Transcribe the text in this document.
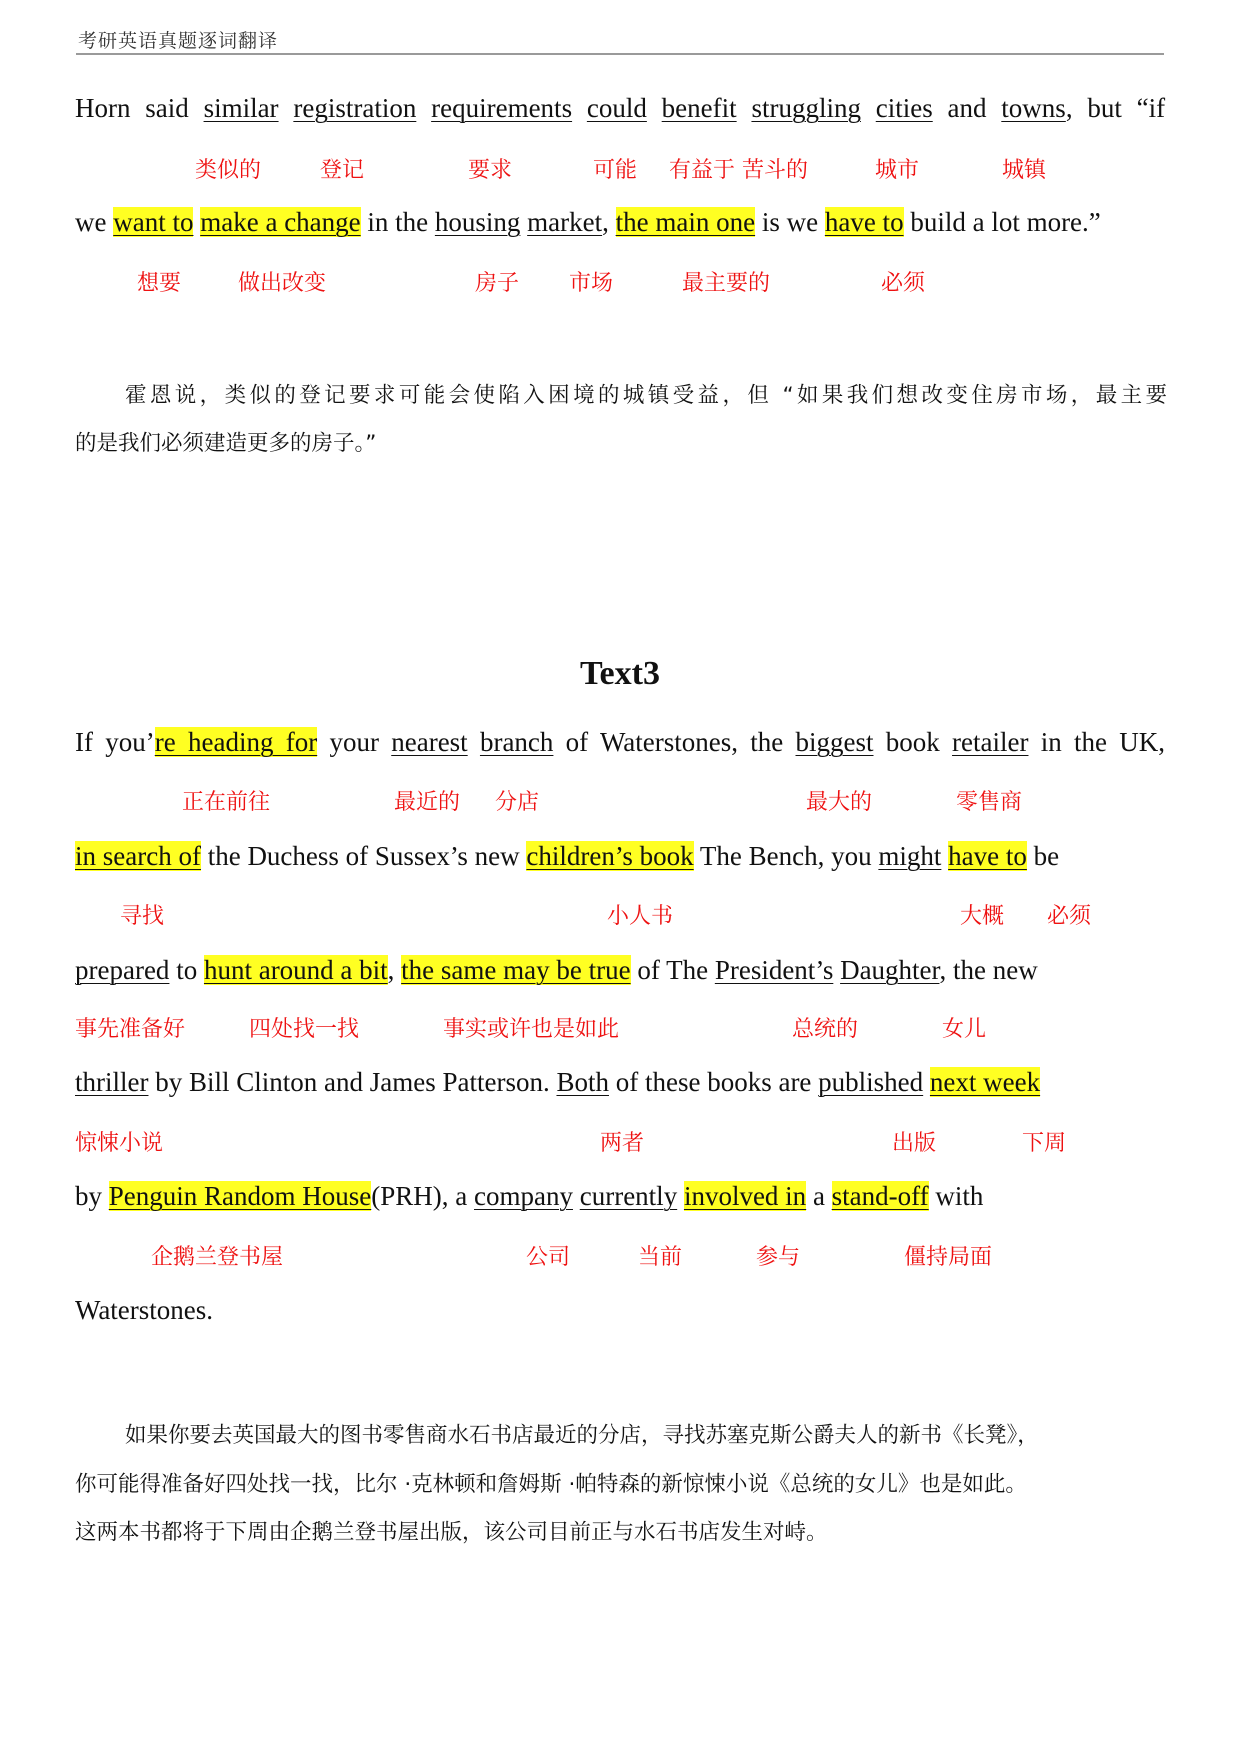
考研英语真题逐词翻译
Horn said similar registration requirements could benefit struggling cities and towns, but “if
we want to make a change in the housing market, the main one is we have to build a lot more.”
霍恩说，类似的登记要求可能会使陷入困境的城镇受益，但 “如果我们想改变住房市场，最主要
的是我们必须建造更多的房子。”
Text3
If you’re heading for your nearest branch of Waterstones, the biggest book retailer in the UK,
in search of the Duchess of Sussex’s new children’s book The Bench, you might have to be
prepared to hunt around a bit, the same may be true of The President’s Daughter, the new
thriller by Bill Clinton and James Patterson. Both of these books are published next week
by Penguin Random House(PRH), a company currently involved in a stand-off with
Waterstones.
如果你要去英国最大的图书零售商水石书店最近的分店，寻找苏塞克斯公爵夫人的新书《长凳》，
你可能得准备好四处找一找，比尔 ·克林顿和詹姆斯 ·帕特森的新惊悚小说《总统的女儿》也是如此。
这两本书都将于下周由企鹅兰登书屋出版，该公司目前正与水石书店发生对峙。
类似的	登记	要求	可能 有益于 苦斗的	城市	城镇
想要	做出改变	房子 市场	最主要的	必须
正在前往	最近的 分店	最大的	零售商
寻找	小人书	大概 必须
事先准备好	四处找一找	事实或许也是如此	总统的	女儿
惊悚小说	两者	出版	下周
企鹅兰登书屋	公司	当前	参与	僵持局面
